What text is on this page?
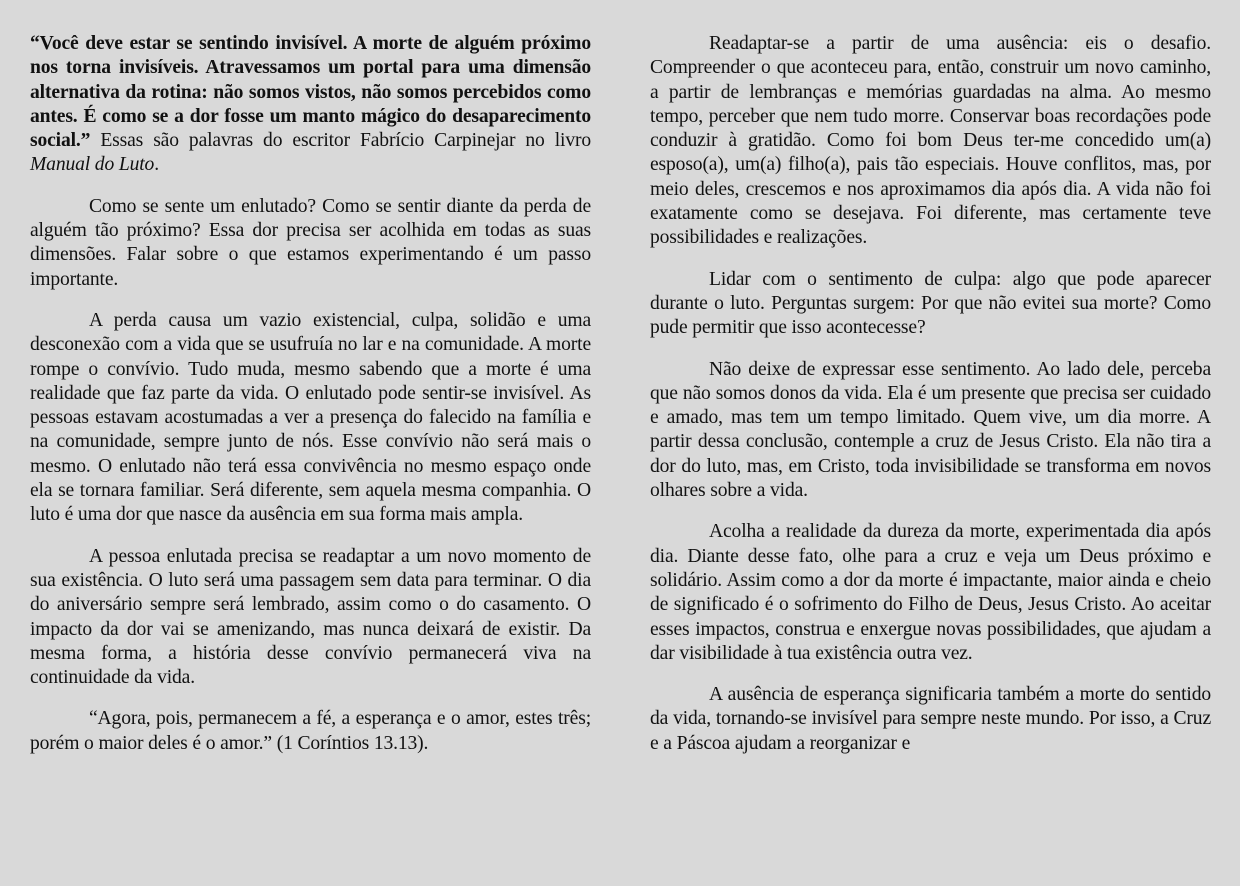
“Você deve estar se sentindo invisível. A morte de alguém próximo nos torna invisíveis. Atravessamos um portal para uma dimensão alternativa da rotina: não somos vistos, não somos percebidos como antes. É como se a dor fosse um manto mágico do desaparecimento social.” Essas são palavras do escritor Fabrício Carpinejar no livro Manual do Luto.

Como se sente um enlutado? Como se sentir diante da perda de alguém tão próximo? Essa dor precisa ser acolhida em todas as suas dimensões. Falar sobre o que estamos experimentando é um passo importante.

A perda causa um vazio existencial, culpa, solidão e uma desconexão com a vida que se usufruía no lar e na comunidade. A morte rompe o convívio. Tudo muda, mesmo sabendo que a morte é uma realidade que faz parte da vida. O enlutado pode sentir-se invisível. As pessoas estavam acostumadas a ver a presença do falecido na família e na comunidade, sempre junto de nós. Esse convívio não será mais o mesmo. O enlutado não terá essa convivência no mesmo espaço onde ela se tornara familiar. Será diferente, sem aquela mesma companhia. O luto é uma dor que nasce da ausência em sua forma mais ampla.

A pessoa enlutada precisa se readaptar a um novo momento de sua existência. O luto será uma passagem sem data para terminar. O dia do aniversário sempre será lembrado, assim como o do casamento. O impacto da dor vai se amenizando, mas nunca deixará de existir. Da mesma forma, a história desse convívio permanecerá viva na continuidade da vida.

“Agora, pois, permanecem a fé, a esperança e o amor, estes três; porém o maior deles é o amor.” (1 Coríntios 13.13).

Readaptar-se a partir de uma ausência: eis o desafio. Compreender o que aconteceu para, então, construir um novo caminho, a partir de lembranças e memórias guardadas na alma. Ao mesmo tempo, perceber que nem tudo morre. Conservar boas recordações pode conduzir à gratidão. Como foi bom Deus ter-me concedido um(a) esposo(a), um(a) filho(a), pais tão especiais. Houve conflitos, mas, por meio deles, crescemos e nos aproximamos dia após dia. A vida não foi exatamente como se desejava. Foi diferente, mas certamente teve possibilidades e realizações.

Lidar com o sentimento de culpa: algo que pode aparecer durante o luto. Perguntas surgem: Por que não evitei sua morte? Como pude permitir que isso acontecesse?

Não deixe de expressar esse sentimento. Ao lado dele, perceba que não somos donos da vida. Ela é um presente que precisa ser cuidado e amado, mas tem um tempo limitado. Quem vive, um dia morre. A partir dessa conclusão, contemple a cruz de Jesus Cristo. Ela não tira a dor do luto, mas, em Cristo, toda invisibilidade se transforma em novos olhares sobre a vida.

Acolha a realidade da dureza da morte, experimentada dia após dia. Diante desse fato, olhe para a cruz e veja um Deus próximo e solidário. Assim como a dor da morte é impactante, maior ainda e cheio de significado é o sofrimento do Filho de Deus, Jesus Cristo. Ao aceitar esses impactos, construa e enxergue novas possibilidades, que ajudam a dar visibilidade à tua existência outra vez.

A ausência de esperança significaria também a morte do sentido da vida, tornando-se invisível para sempre neste mundo. Por isso, a Cruz e a Páscoa ajudam a reorganizar e
